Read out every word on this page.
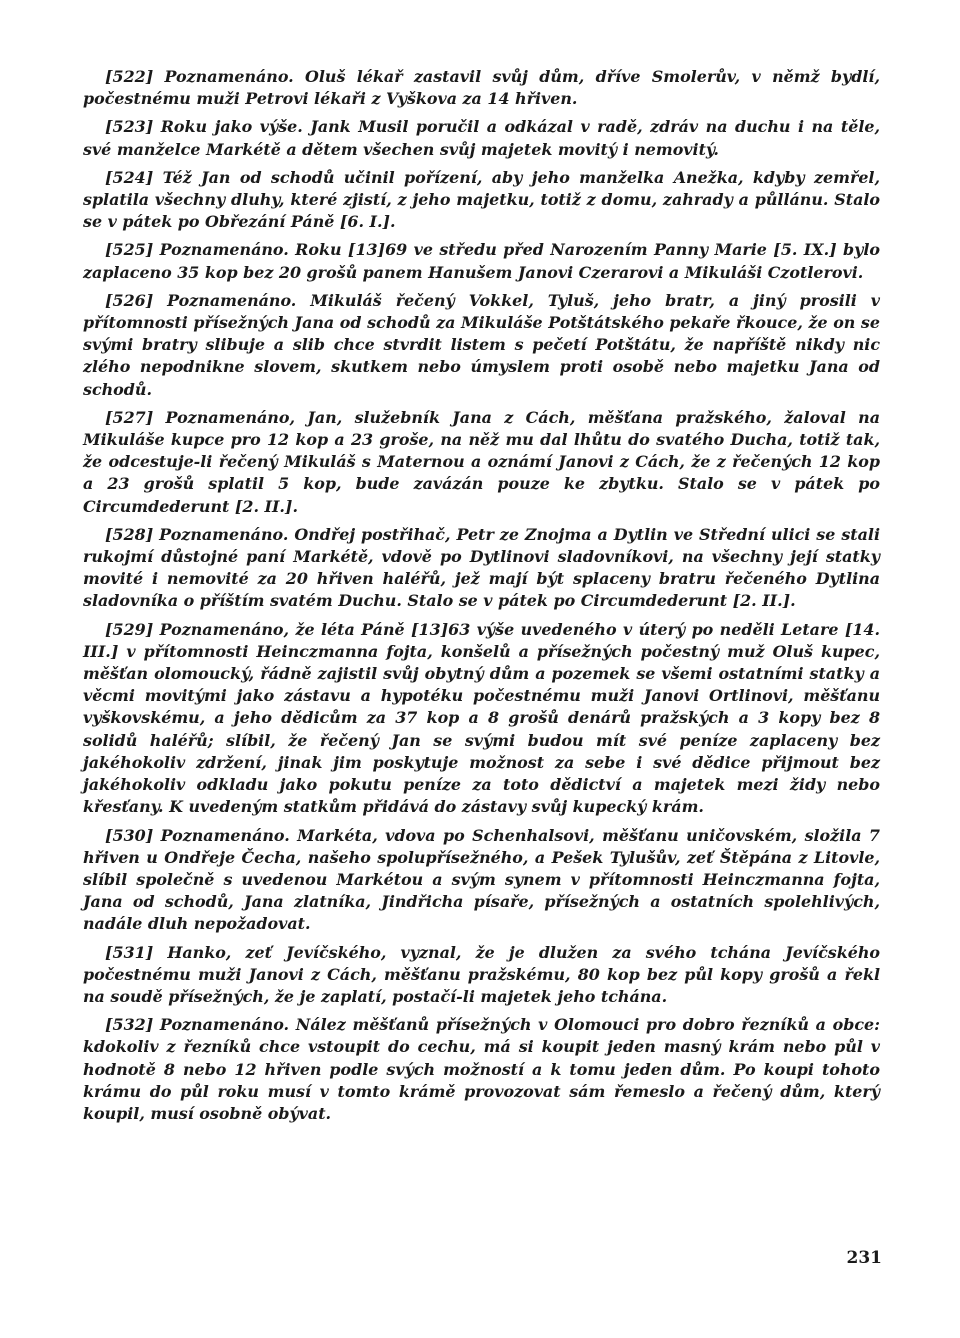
[522] Poznamenáno. Oluš lékař zastavil svůj dům, dříve Smolerův, v němž bydlí, počestnému muži Petrovi lékaři z Vyškova za 14 hřiven.

[523] Roku jako výše. Jank Musil poručil a odkázal v radě, zdráv na duchu i na těle, své manželce Markétě a dětem všechen svůj majetek movitý i nemovitý.

[524] Též Jan od schodů učinil pořízení, aby jeho manželka Anežka, kdyby zemřel, splatila všechny dluhy, které zjistí, z jeho majetku, totiž z domu, zahrady a půllánu. Stalo se v pátek po Obřezání Páně [6. I.].

[525] Poznamenáno. Roku [13]69 ve středu před Narozením Panny Marie [5. IX.] bylo zaplaceno 35 kop bez 20 grošů panem Hanušem Janovi Czerarovi a Mikuláši Czotlerovi.

[526] Poznamenáno. Mikuláš řečený Vokkel, Tyluš, jeho bratr, a jiný prosili v přítomnosti přísežných Jana od schodů za Mikuláše Potštátského pekaře řkouce, že on se svými bratry slibuje a slib chce stvrdit listem s pečetí Potštátu, že napříště nikdy nic zlého nepodnikne slovem, skutkem nebo úmyslem proti osobě nebo majetku Jana od schodů.

[527] Poznamenáno, Jan, služebník Jana z Cách, měšťana pražského, žaloval na Mikuláše kupce pro 12 kop a 23 groše, na něž mu dal lhůtu do svatého Ducha, totiž tak, že odcestuje-li řečený Mikuláš s Maternou a oznámí Janovi z Cách, že z řečených 12 kop a 23 grošů splatil 5 kop, bude zavázán pouze ke zbytku. Stalo se v pátek po Circumdederunt [2. II.].

[528] Poznamenáno. Ondřej postřihač, Petr ze Znojma a Dytlin ve Střední ulici se stali rukojmí důstojné paní Markétě, vdově po Dytlinovi sladovníkovi, na všechny její statky movité i nemovité za 20 hřiven haléřů, jež mají být splaceny bratru řečeného Dytlina sladovníka o příštím svatém Duchu. Stalo se v pátek po Circumdederunt [2. II.].

[529] Poznamenáno, že léta Páně [13]63 výše uvedeného v úterý po neděli Letare [14. III.] v přítomnosti Heinczmanna fojta, konšelů a přísežných počestný muž Oluš kupec, měšťan olomoucký, řádně zajistil svůj obytný dům a pozemek se všemi ostatními statky a věcmi movitými jako zástavu a hypotéku počestnému muži Janovi Ortlinovi, měšťanu vyškovskému, a jeho dědicům za 37 kop a 8 grošů denárů pražských a 3 kopy bez 8 solidů haléřů; slíbil, že řečený Jan se svými budou mít své peníze zaplaceny bez jakéhokoliv zdržení, jinak jim poskytuje možnost za sebe i své dědice přijmout bez jakéhokoliv odkladu jako pokutu peníze za toto dědictví a majetek mezi židy nebo křesťany. K uvedeným statkům přidává do zástavy svůj kupecký krám.

[530] Poznamenáno. Markéta, vdova po Schenhalsovi, měšťanu uničovském, složila 7 hřiven u Ondřeje Čecha, našeho spolupřísežného, a Pešek Tylušův, zeť Štěpána z Litovle, slíbil společně s uvedenou Markétou a svým synem v přítomnosti Heinczmanna fojta, Jana od schodů, Jana zlatníka, Jindřicha písaře, přísežných a ostatních spolehlivých, nadále dluh nepožadovat.

[531] Hanko, zeť Jevíčského, vyznal, že je dlužen za svého tchána Jevíčského počestnému muži Janovi z Cách, měšťanu pražskému, 80 kop bez půl kopy grošů a řekl na soudě přísežných, že je zaplatí, postačí-li majetek jeho tchána.

[532] Poznamenáno. Nález měšťanů přísežných v Olomouci pro dobro řezníků a obce: kdokoliv z řezníků chce vstoupit do cechu, má si koupit jeden masný krám nebo půl v hodnotě 8 nebo 12 hřiven podle svých možností a k tomu jeden dům. Po koupi tohoto krámu do půl roku musí v tomto krámě provozovat sám řemeslo a řečený dům, který koupil, musí osobně obývat.

231
